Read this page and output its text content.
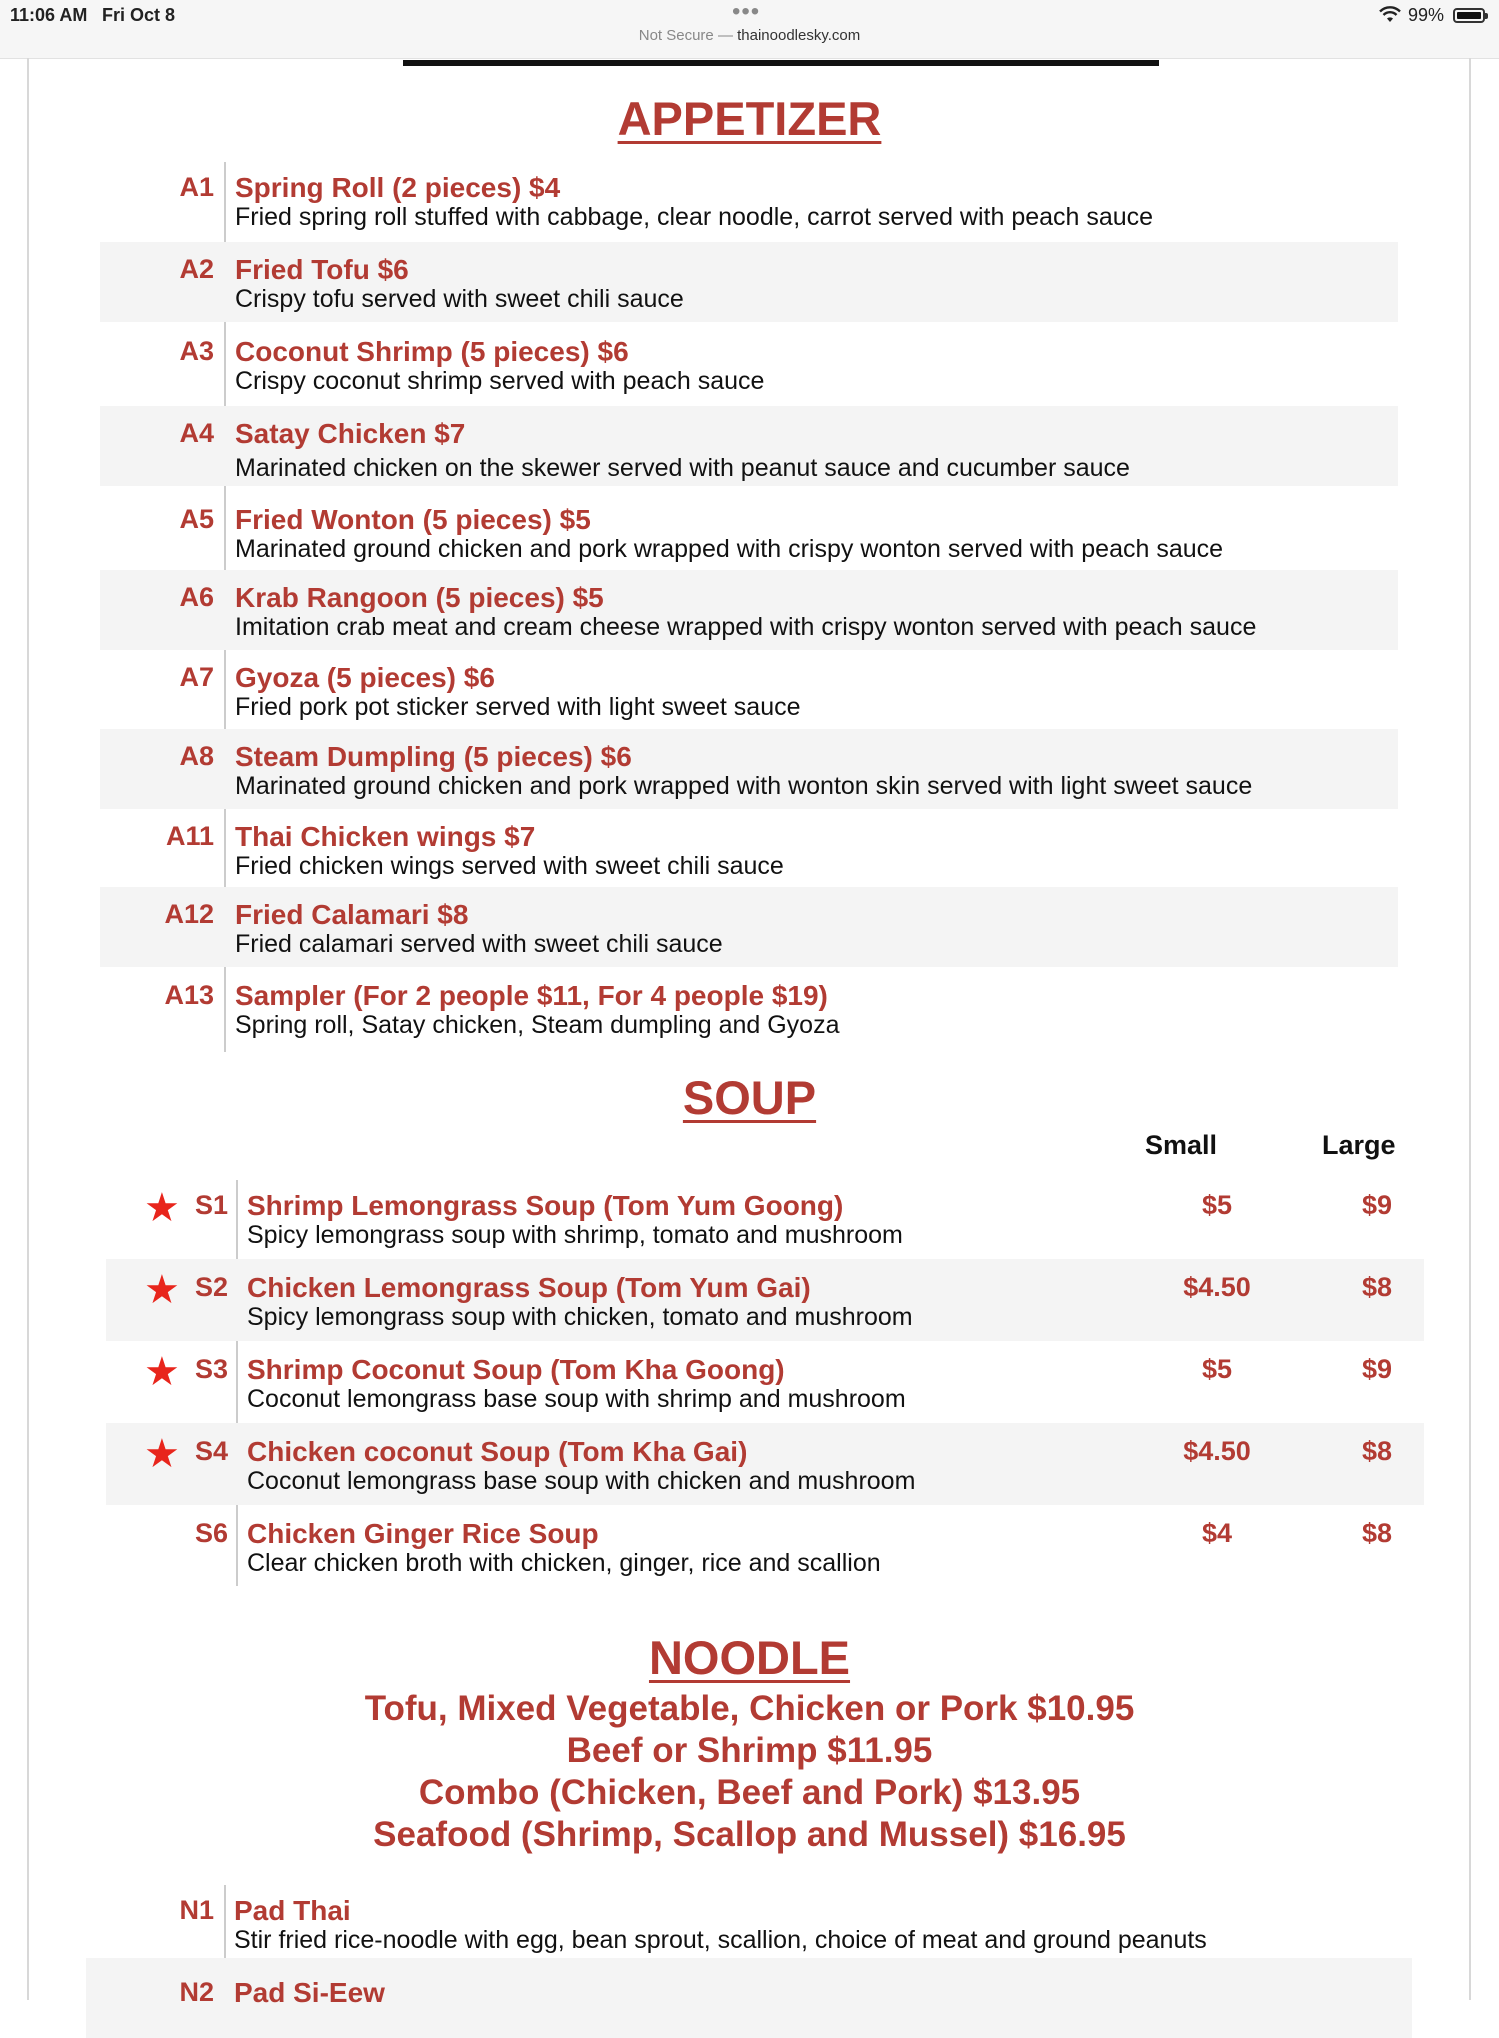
11:06 AM Fri Oct 8	•••
Not Secure — thainoodlesky.com
99%
APPETIZER
A1 Spring Roll (2 pieces) $4
Fried spring roll stuffed with cabbage, clear noodle, carrot served with peach sauce
A2 Fried Tofu $6
Crispy tofu served with sweet chili sauce
A3 Coconut Shrimp (5 pieces) $6
Crispy coconut shrimp served with peach sauce
A4 Satay Chicken $7
Marinated chicken on the skewer served with peanut sauce and cucumber sauce
A5 Fried Wonton (5 pieces) $5
Marinated ground chicken and pork wrapped with crispy wonton served with peach sauce
A6 Krab Rangoon (5 pieces) $5
Imitation crab meat and cream cheese wrapped with crispy wonton served with peach sauce
A7 Gyoza (5 pieces) $6
Fried pork pot sticker served with light sweet sauce
A8 Steam Dumpling (5 pieces) $6
Marinated ground chicken and pork wrapped with wonton skin served with light sweet sauce
A11 Thai Chicken wings $7
Fried chicken wings served with sweet chili sauce
A12 Fried Calamari $8
Fried calamari served with sweet chili sauce
A13 Sampler (For 2 people $11, For 4 people $19)
Spring roll, Satay chicken, Steam dumpling and Gyoza
SOUP
Small	Large
★ S1 Shrimp Lemongrass Soup (Tom Yum Goong)
Spicy lemongrass soup with shrimp, tomato and mushroom
$5	$9
★ S2 Chicken Lemongrass Soup (Tom Yum Gai)
Spicy lemongrass soup with chicken, tomato and mushroom
$4.50	$8
★ S3 Shrimp Coconut Soup (Tom Kha Goong)
Coconut lemongrass base soup with shrimp and mushroom
$5	$9
★ S4 Chicken coconut Soup (Tom Kha Gai)
Coconut lemongrass base soup with chicken and mushroom
$4.50	$8
S6 Chicken Ginger Rice Soup
Clear chicken broth with chicken, ginger, rice and scallion
$4	$8
NOODLE
Tofu, Mixed Vegetable, Chicken or Pork $10.95
Beef or Shrimp $11.95
Combo (Chicken, Beef and Pork) $13.95
Seafood (Shrimp, Scallop and Mussel) $16.95
N1 Pad Thai
Stir fried rice-noodle with egg, bean sprout, scallion, choice of meat and ground peanuts
N2 Pad Si-Eew
